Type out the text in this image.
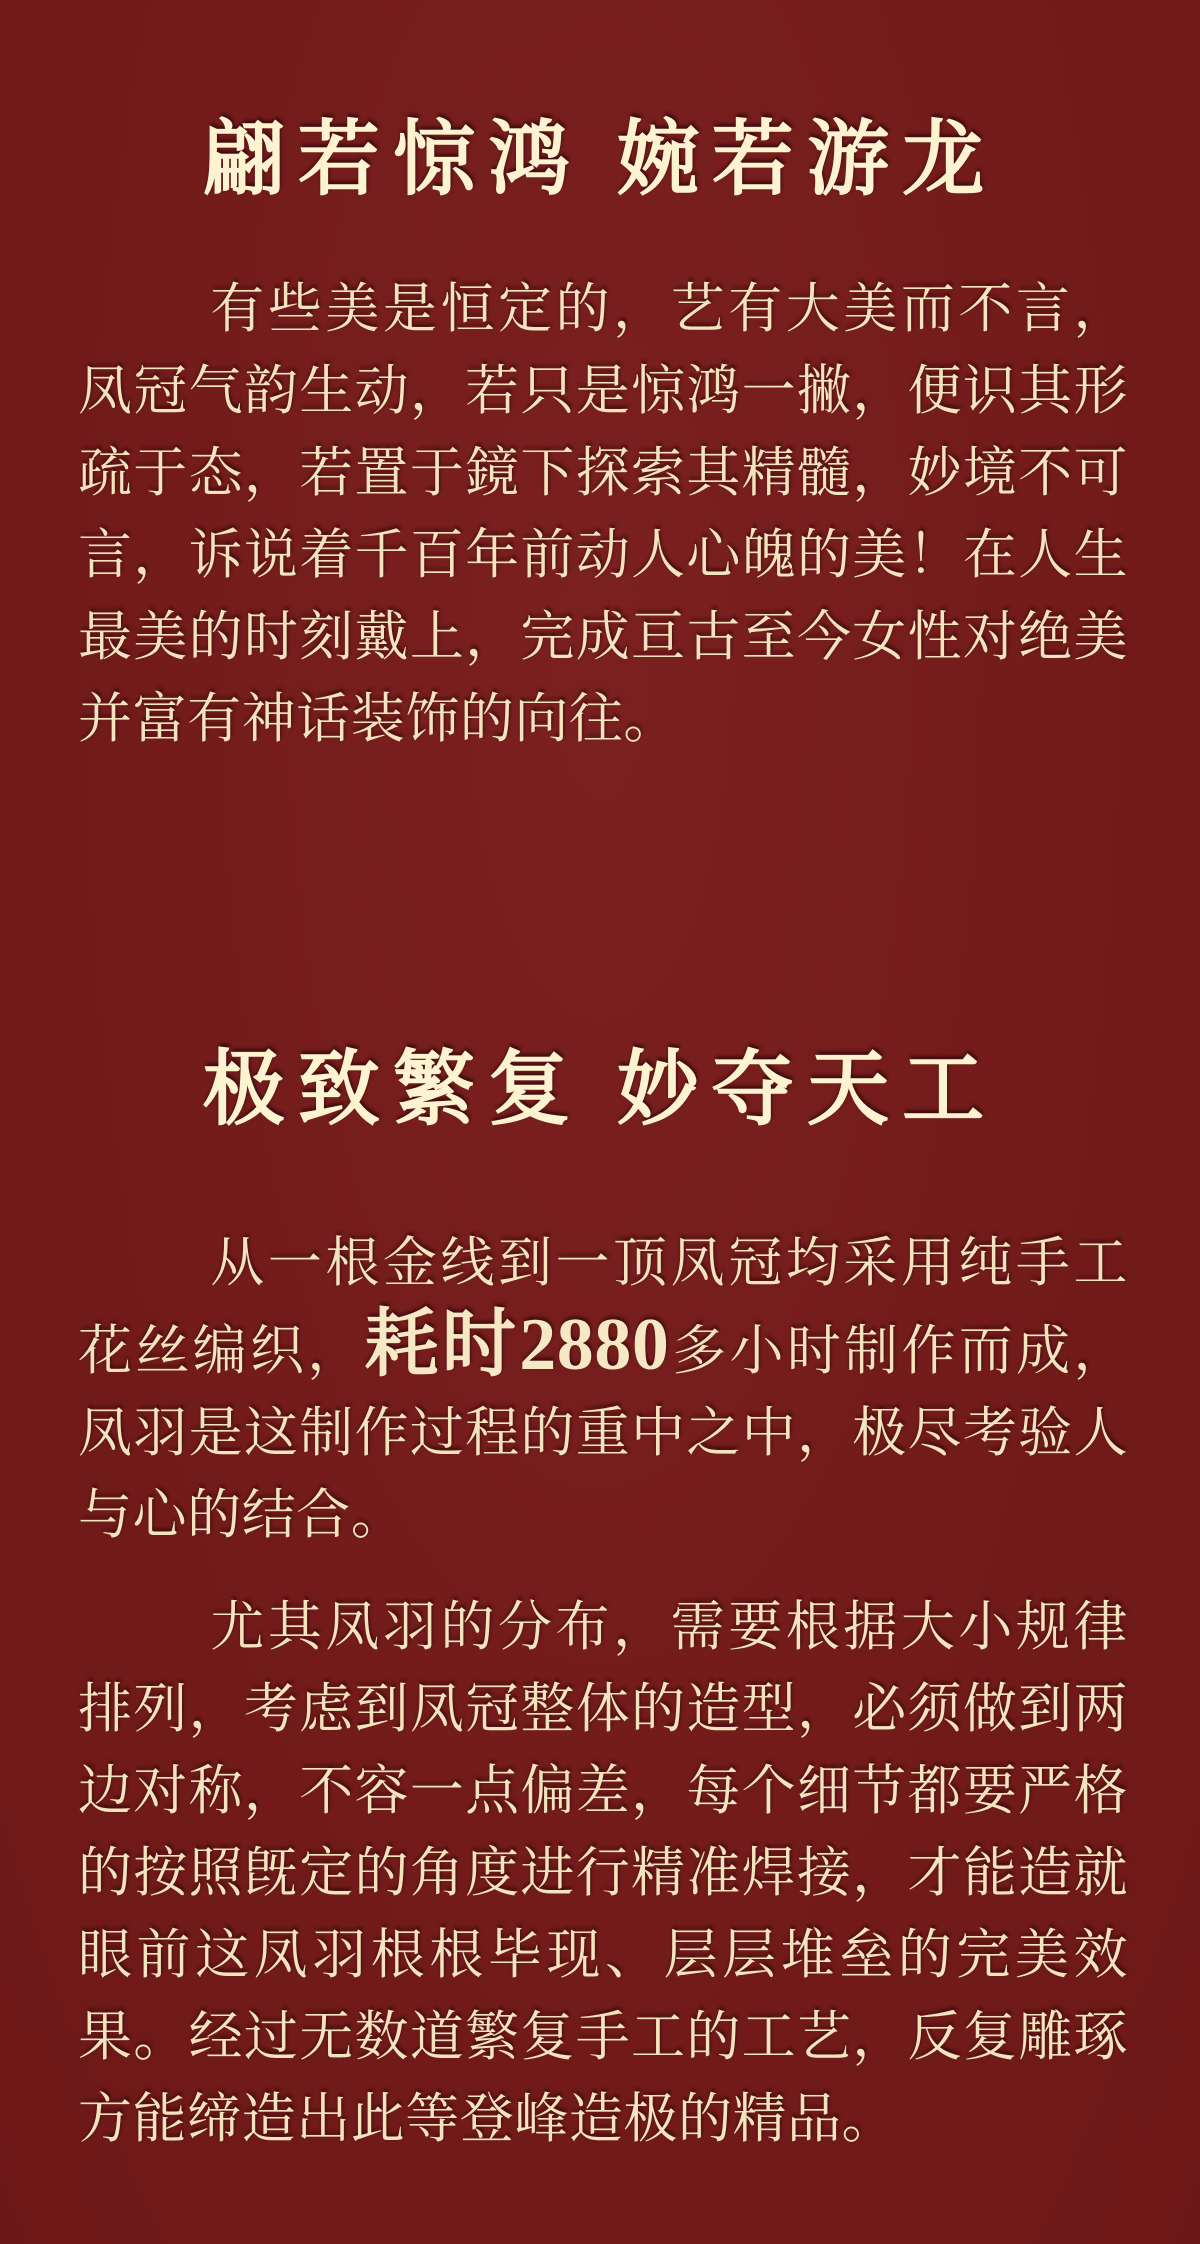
翩若惊鸿 婉若游龙

有些美是恒定的，艺有大美而不言，凤冠气韵生动，若只是惊鸿一撇，便识其形疏于态，若置于鏡下探索其精髓，妙境不可言，诉说着千百年前动人心魄的美！在人生最美的时刻戴上，完成亘古至今女性对绝美并富有神话装饰的向往。

极致繁复 妙夺天工

从一根金线到一顶凤冠均采用纯手工花丝编织，耗时2880多小时制作而成，凤羽是这制作过程的重中之中，极尽考验人与心的结合。

尤其凤羽的分布，需要根据大小规律排列，考虑到凤冠整体的造型，必须做到两边对称，不容一点偏差，每个细节都要严格的按照旣定的角度进行精准焊接，才能造就眼前这凤羽根根毕现、层层堆垒的完美效果。经过无数道繁复手工的工艺，反复雕琢方能缔造出此等登峰造极的精品。
